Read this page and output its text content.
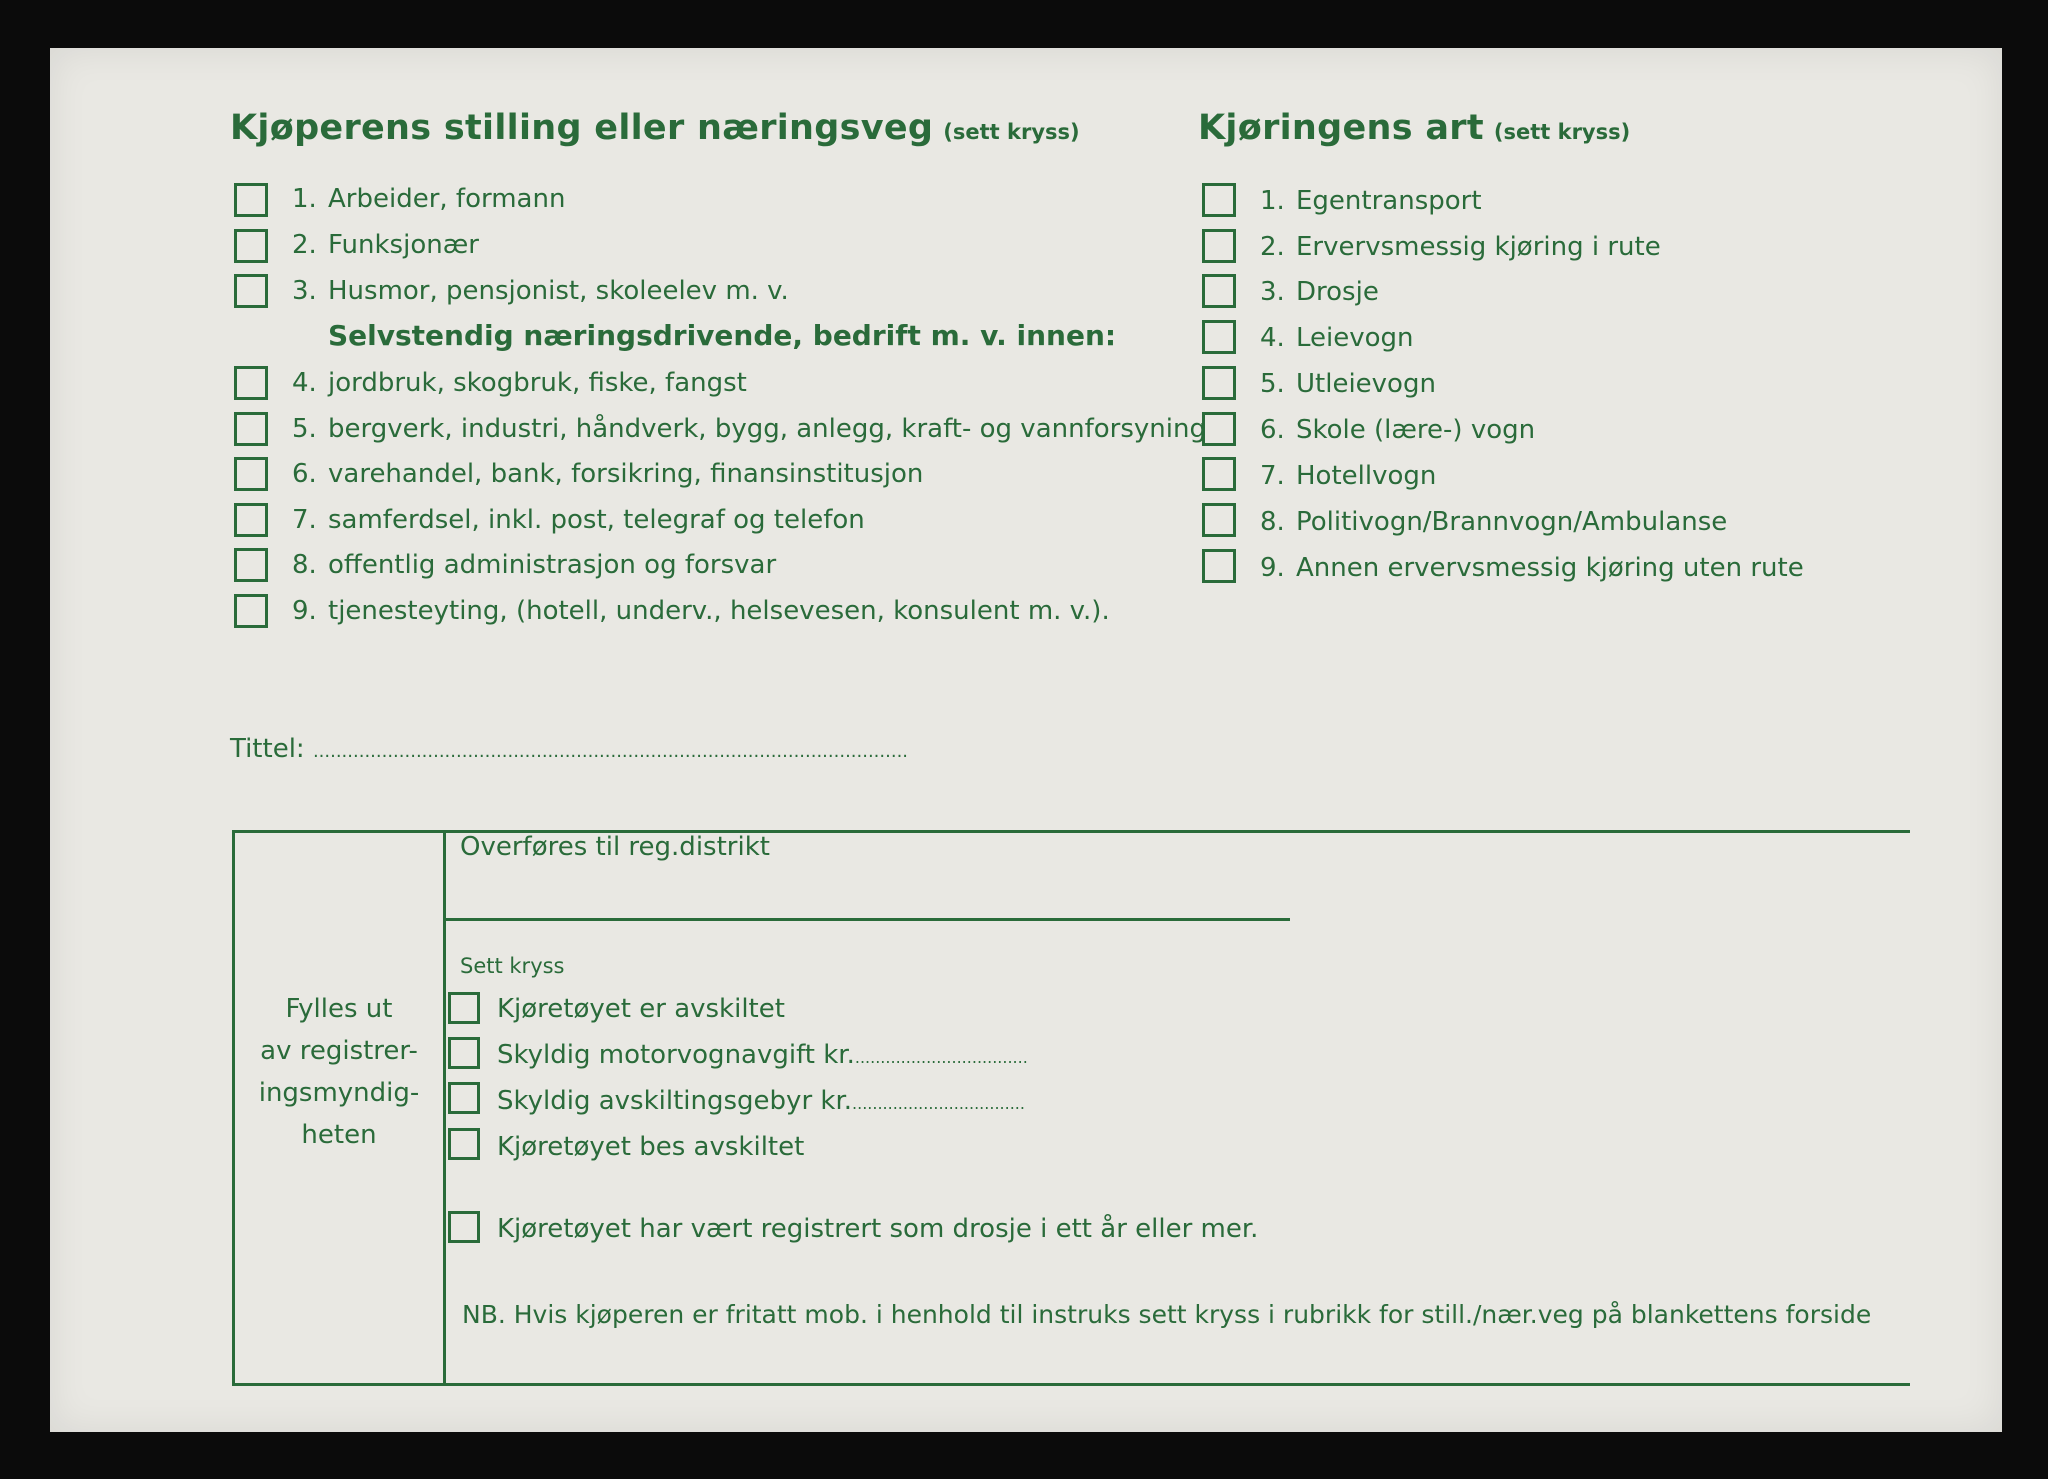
Kjøperens stilling eller næringsveg (sett kryss)
1. Arbeider, formann
2. Funksjonær
3. Husmor, pensjonist, skoleelev m. v.
Selvstendig næringsdrivende, bedrift m. v. innen:
4. jordbruk, skogbruk, fiske, fangst
5. bergverk, industri, håndverk, bygg, anlegg, kraft- og vannforsyning
6. varehandel, bank, forsikring, finansinstitusjon
7. samferdsel, inkl. post, telegraf og telefon
8. offentlig administrasjon og forsvar
9. tjenesteyting, (hotell, underv., helsevesen, konsulent m. v.).
Kjøringens art (sett kryss)
1. Egentransport
2. Ervervsmessig kjøring i rute
3. Drosje
4. Leievogn
5. Utleievogn
6. Skole (lære-) vogn
7. Hotellvogn
8. Politivogn/Brannvogn/Ambulanse
9. Annen ervervsmessig kjøring uten rute
Tittel: ........................................................................................................
Fylles ut
av registrer-
ingsmyndig-
heten
Overføres til reg.distrikt
Sett kryss
Kjøretøyet er avskiltet
Skyldig motorvognavgift kr...................................
Skyldig avskiltingsgebyr kr...................................
Kjøretøyet bes avskiltet
Kjøretøyet har vært registrert som drosje i ett år eller mer.
NB. Hvis kjøperen er fritatt mob. i henhold til instruks sett kryss i rubrikk for still./nær.veg på blankettens forside
